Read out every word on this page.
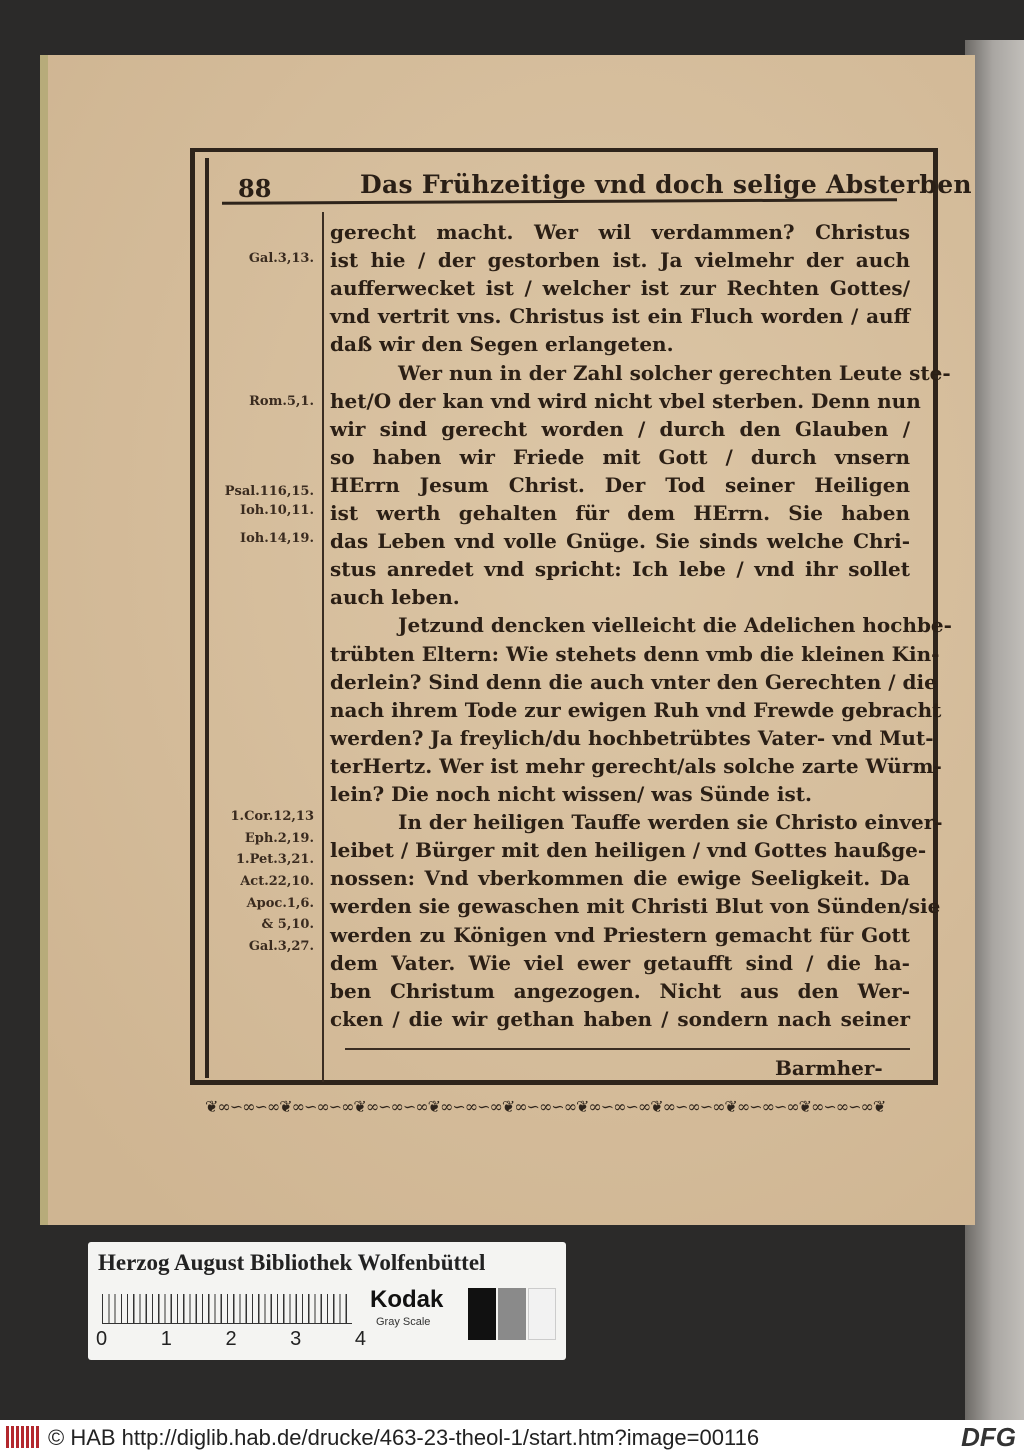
88	Das Frühzeitige vnd doch selige Absterben
gerecht macht. Wer wil verdammen? Christus
ist hie / der gestorben ist. Ja vielmehr der auch
aufferwecket ist / welcher ist zur Rechten Gottes/
vnd vertrit vns. Christus ist ein Fluch worden / auff
daß wir den Segen erlangeten.
Wer nun in der Zahl solcher gerechten Leute ste-
het/O der kan vnd wird nicht vbel sterben. Denn nun
wir sind gerecht worden / durch den Glauben /
so haben wir Friede mit Gott / durch vnsern
HErrn Jesum Christ. Der Tod seiner Heiligen
ist werth gehalten für dem HErrn. Sie haben
das Leben vnd volle Gnüge. Sie sinds welche Chri-
stus anredet vnd spricht: Ich lebe / vnd ihr sollet
auch leben.
Jetzund dencken vielleicht die Adelichen hochbe-
trübten Eltern: Wie stehets denn vmb die kleinen Kin-
derlein? Sind denn die auch vnter den Gerechten / die
nach ihrem Tode zur ewigen Ruh vnd Frewde gebracht
werden? Ja freylich/du hochbetrübtes Vater- vnd Mut-
terHertz. Wer ist mehr gerecht/als solche zarte Würm-
lein? Die noch nicht wissen/ was Sünde ist.
In der heiligen Tauffe werden sie Christo einver-
leibet / Bürger mit den heiligen / vnd Gottes haußge-
nossen: Vnd vberkommen die ewige Seeligkeit. Da
werden sie gewaschen mit Christi Blut von Sünden/sie
werden zu Königen vnd Priestern gemacht für Gott
dem Vater. Wie viel ewer getaufft sind / die ha-
ben Christum angezogen. Nicht aus den Wer-
cken / die wir gethan haben / sondern nach seiner
Gal.3,13.
Rom.5,1.
Psal.116,15.
Ioh.10,11.
Ioh.14,19.
1.Cor.12,13
Eph.2,19.
1.Pet.3,21.
Act.22,10.
Apoc.1,6.
& 5,10.
Gal.3,27.
Barmher-
❦∞∽∞∽∞❦∞∽∞∽∞❦∞∽∞∽∞❦∞∽∞∽∞❦∞∽∞∽∞❦∞∽∞∽∞❦∞∽∞∽∞❦∞∽∞∽∞❦∞∽∞∽∞❦
Herzog August Bibliothek Wolfenbüttel
0	1	2	3	4
Kodak
Gray Scale
© HAB http://diglib.hab.de/drucke/463-23-theol-1/start.htm?image=00116	DFG
